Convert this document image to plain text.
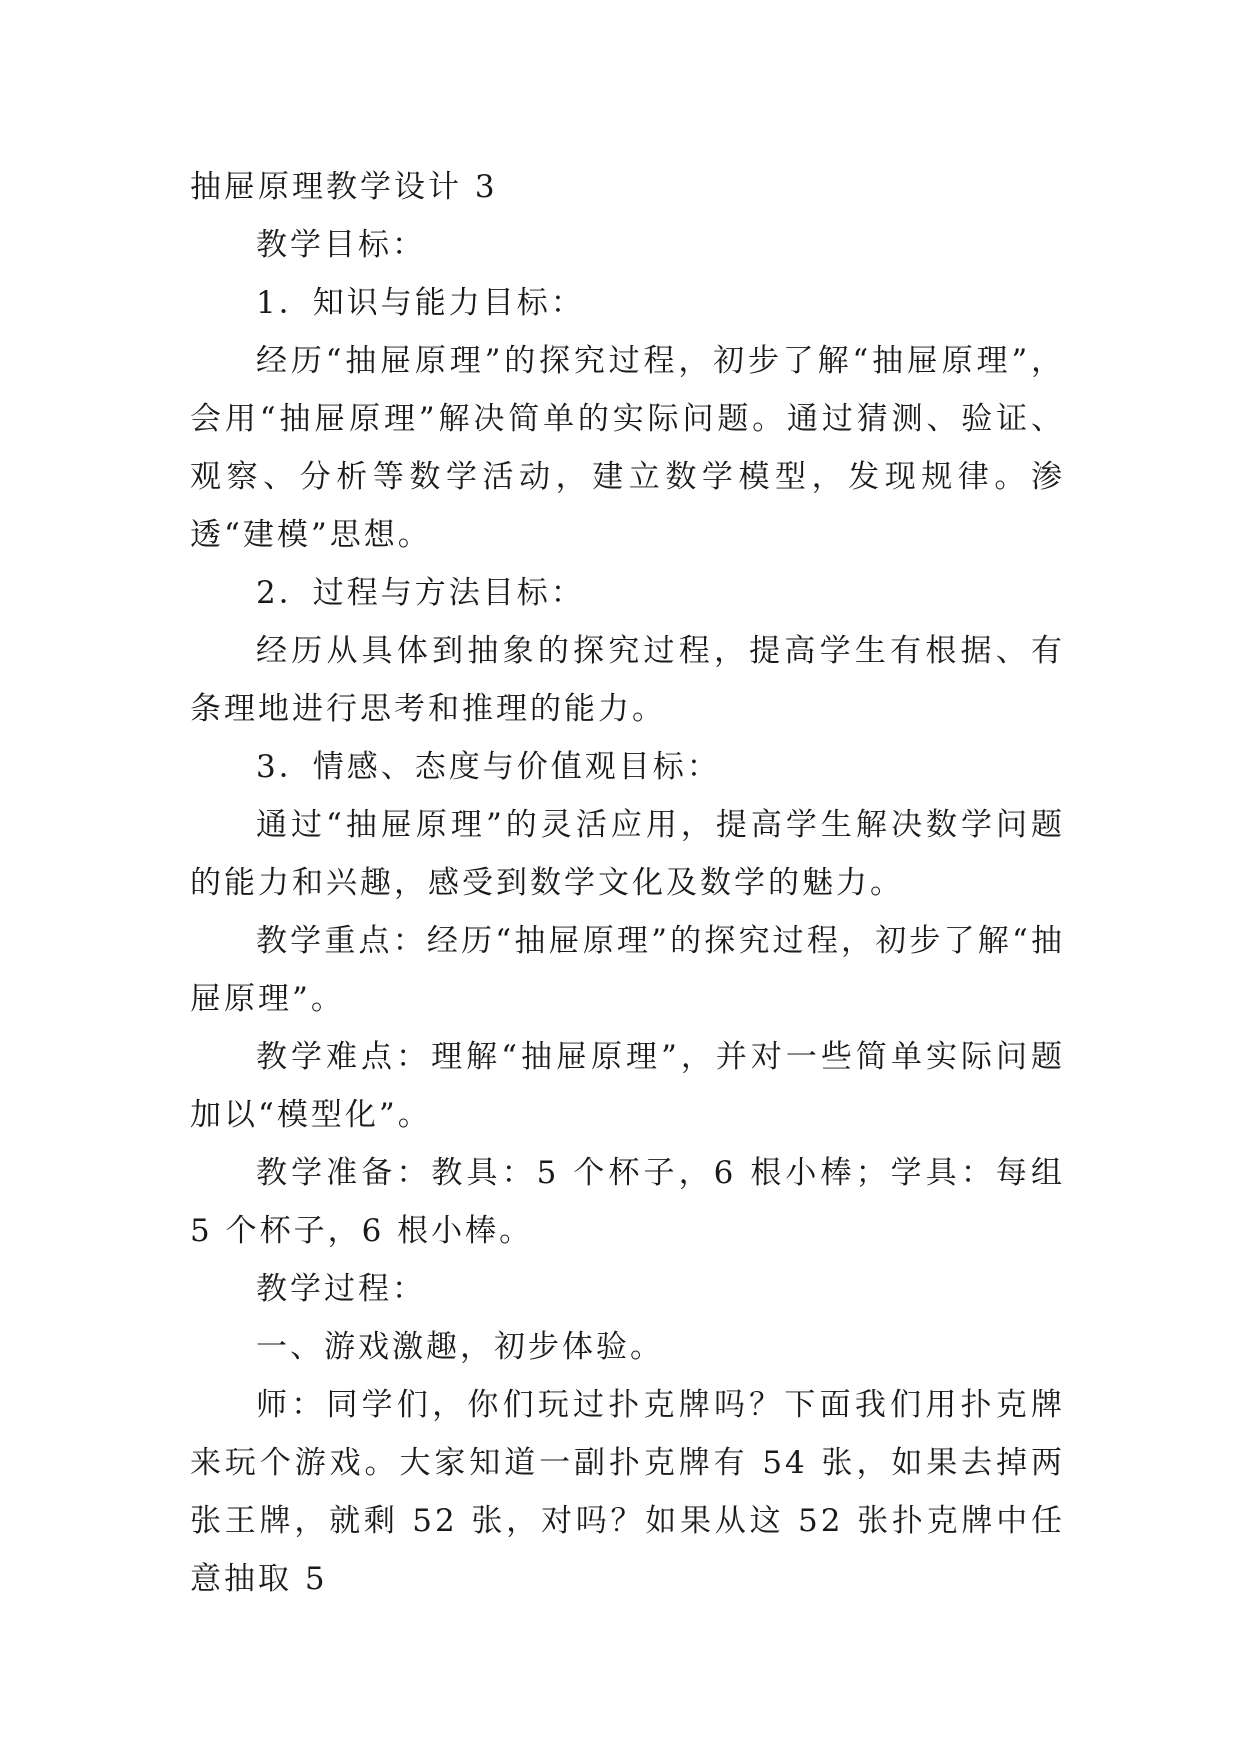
抽屉原理教学设计 3

教学目标：

1．知识与能力目标：

经历“抽屉原理”的探究过程，初步了解“抽屉原理”，会用“抽屉原理”解决简单的实际问题。通过猜测、验证、观察、分析等数学活动，建立数学模型，发现规律。渗透“建模”思想。

2．过程与方法目标：

经历从具体到抽象的探究过程，提高学生有根据、有条理地进行思考和推理的能力。

3．情感、态度与价值观目标：

通过“抽屉原理”的灵活应用，提高学生解决数学问题的能力和兴趣，感受到数学文化及数学的魅力。

教学重点：经历“抽屉原理”的探究过程，初步了解“抽屉原理”。

教学难点：理解“抽屉原理”，并对一些简单实际问题加以“模型化”。

教学准备：教具：5 个杯子，6 根小棒；学具：每组 5 个杯子，6 根小棒。

教学过程：

一、游戏激趣，初步体验。

师：同学们，你们玩过扑克牌吗？下面我们用扑克牌来玩个游戏。大家知道一副扑克牌有 54 张，如果去掉两张王牌，就剩 52 张，对吗？如果从这 52 张扑克牌中任意抽取 5
